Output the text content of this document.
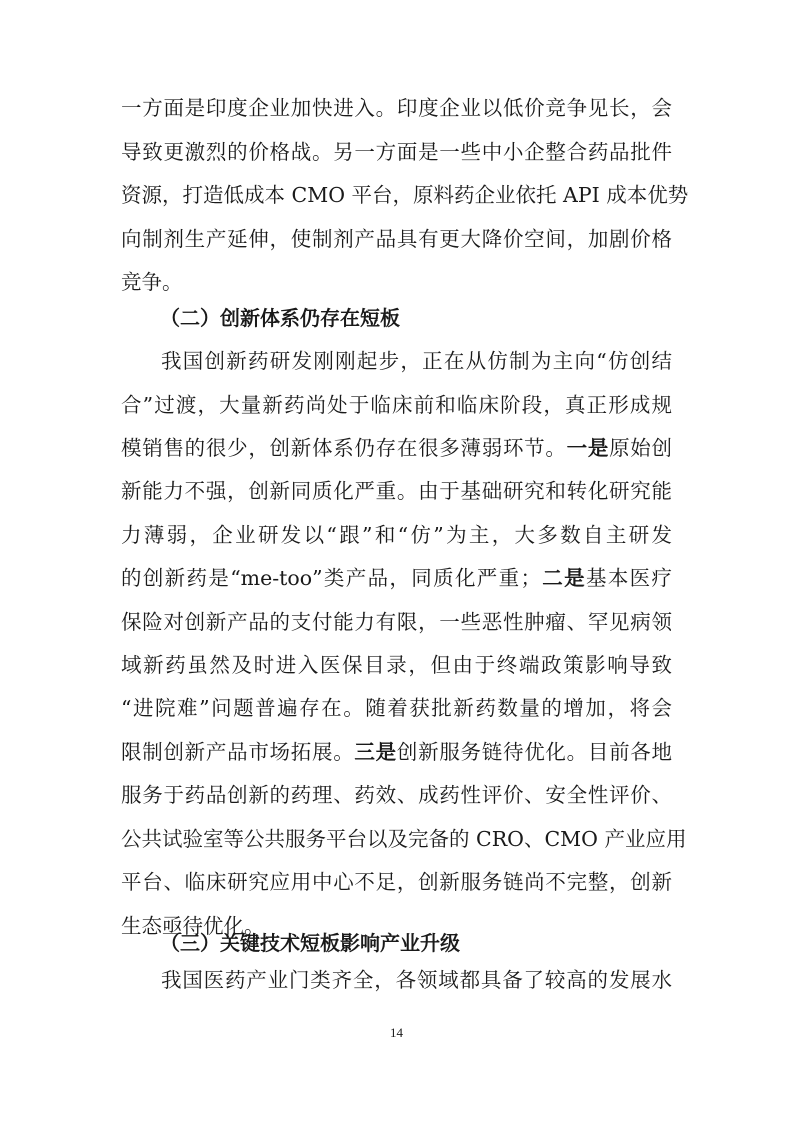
一方面是印度企业加快进入。印度企业以低价竞争见长，会
导致更激烈的价格战。另一方面是一些中小企整合药品批件
资源，打造低成本 CMO 平台，原料药企业依托 API 成本优势
向制剂生产延伸，使制剂产品具有更大降价空间，加剧价格
竞争。
（二）创新体系仍存在短板
我国创新药研发刚刚起步，正在从仿制为主向“仿创结
合”过渡，大量新药尚处于临床前和临床阶段，真正形成规
模销售的很少，创新体系仍存在很多薄弱环节。一是原始创
新能力不强，创新同质化严重。由于基础研究和转化研究能
力薄弱，企业研发以“跟”和“仿”为主，大多数自主研发
的创新药是“me-too”类产品，同质化严重；二是基本医疗
保险对创新产品的支付能力有限，一些恶性肿瘤、罕见病领
域新药虽然及时进入医保目录，但由于终端政策影响导致
“进院难”问题普遍存在。随着获批新药数量的增加，将会
限制创新产品市场拓展。三是创新服务链待优化。目前各地
服务于药品创新的药理、药效、成药性评价、安全性评价、
公共试验室等公共服务平台以及完备的 CRO、CMO 产业应用
平台、临床研究应用中心不足，创新服务链尚不完整，创新
生态亟待优化。
（三）关键技术短板影响产业升级
我国医药产业门类齐全，各领域都具备了较高的发展水
14
